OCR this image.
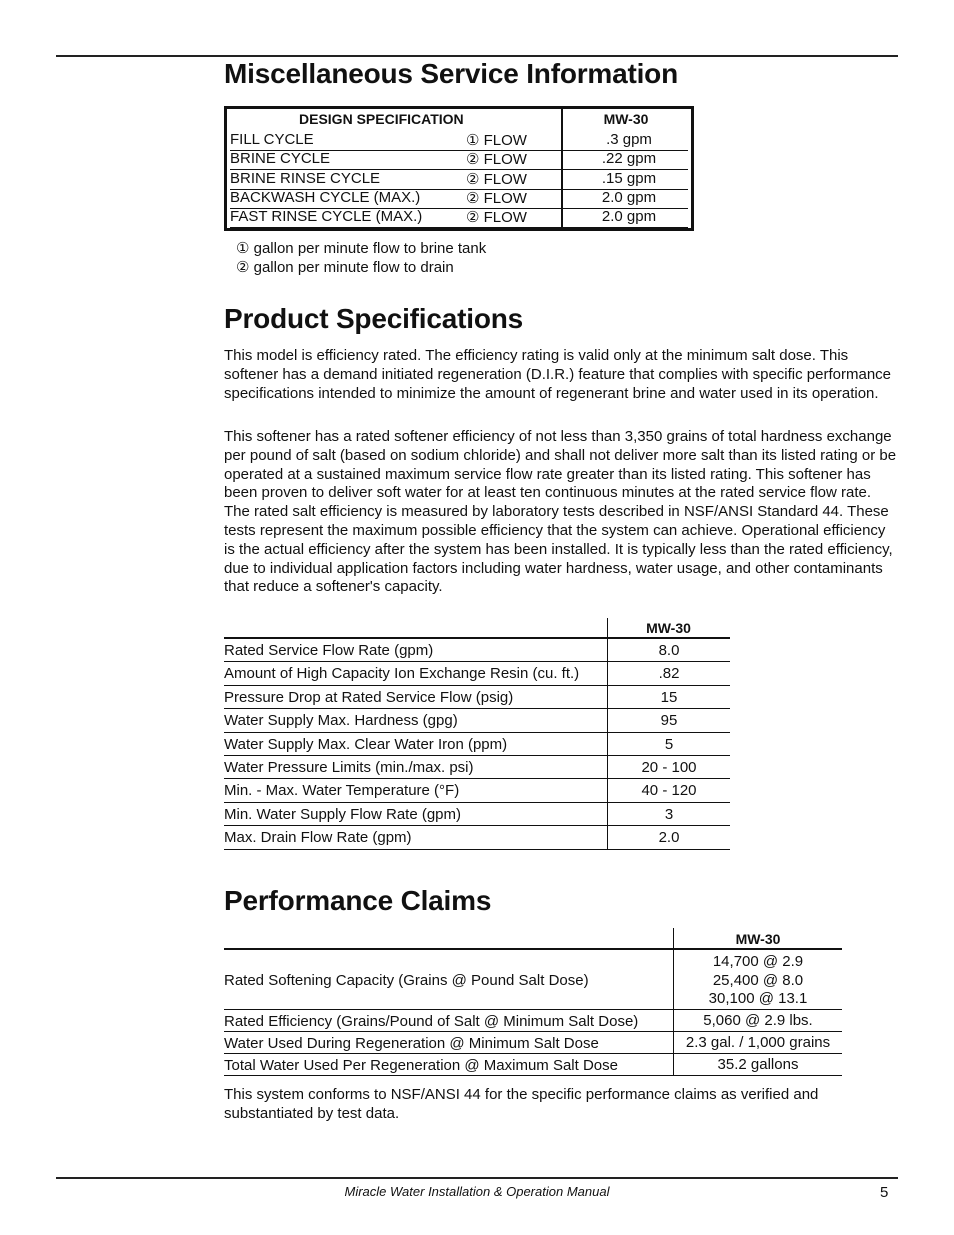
Miscellaneous Service Information
DESIGN SPECIFICATION	MW-30
FILL CYCLE	① FLOW	.3 gpm
BRINE CYCLE	② FLOW	.22 gpm
BRINE RINSE CYCLE	② FLOW	.15 gpm
BACKWASH CYCLE (MAX.)	② FLOW	2.0 gpm
FAST RINSE CYCLE (MAX.)	② FLOW	2.0 gpm
① gallon per minute flow to brine tank
② gallon per minute flow to drain
Product Specifications

This model is efficiency rated. The efficiency rating is valid only at the minimum salt dose. This softener has a demand initiated regeneration (D.I.R.) feature that complies with specific performance specifications intended to minimize the amount of regenerant brine and water used in its operation.

This softener has a rated softener efficiency of not less than 3,350 grains of total hardness exchange per pound of salt (based on sodium chloride) and shall not deliver more salt than its listed rating or be operated at a sustained maximum service flow rate greater than its listed rating. This softener has been proven to deliver soft water for at least ten continuous minutes at the rated service flow rate. The rated salt efficiency is measured by laboratory tests described in NSF/ANSI Standard 44. These tests represent the maximum possible efficiency that the system can achieve. Operational efficiency is the actual efficiency after the system has been installed. It is typically less than the rated efficiency, due to individual application factors including water hardness, water usage, and other contaminants that reduce a softener's capacity.

MW-30
Rated Service Flow Rate (gpm)	8.0
Amount of High Capacity Ion Exchange Resin (cu. ft.)	.82
Pressure Drop at Rated Service Flow (psig)	15
Water Supply Max. Hardness (gpg)	95
Water Supply Max. Clear Water Iron (ppm)	5
Water Pressure Limits (min./max. psi)	20 - 100
Min. - Max. Water Temperature (°F)	40 - 120
Min. Water Supply Flow Rate (gpm)	3
Max. Drain Flow Rate (gpm)	2.0
Performance Claims
MW-30
Rated Softening Capacity (Grains @ Pound Salt Dose)
14,700 @ 2.9
25,400 @ 8.0
30,100 @ 13.1
Rated Efficiency (Grains/Pound of Salt @ Minimum Salt Dose)	5,060 @ 2.9 lbs.
Water Used During Regeneration @ Minimum Salt Dose	2.3 gal. / 1,000 grains
Total Water Used Per Regeneration @ Maximum Salt Dose	35.2 gallons

This system conforms to NSF/ANSI 44 for the specific performance claims as verified and substantiated by test data.

Miracle Water Installation & Operation Manual	5
